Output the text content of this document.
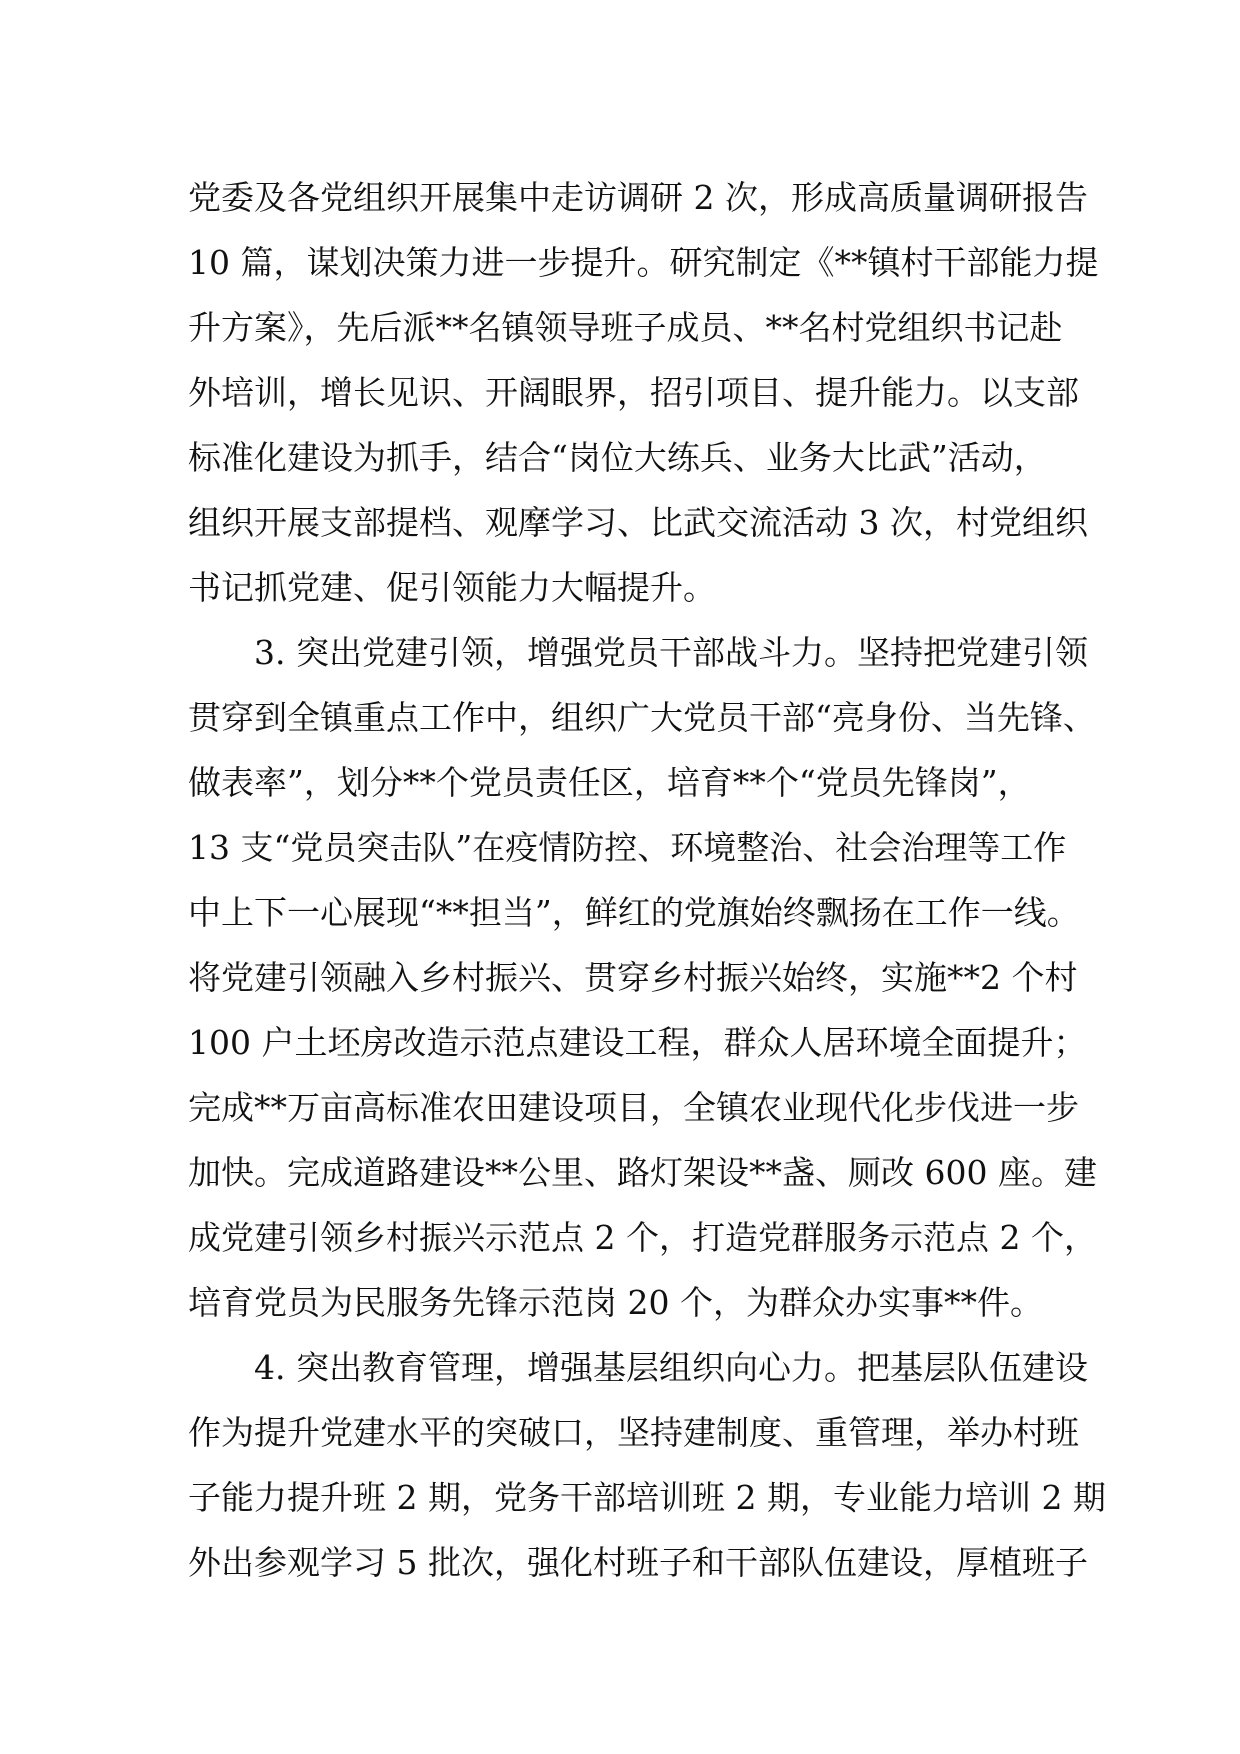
党委及各党组织开展集中走访调研 2 次，形成高质量调研报告
10 篇，谋划决策力进一步提升。研究制定《**镇村干部能力提
升方案》，先后派**名镇领导班子成员、**名村党组织书记赴
外培训，增长见识、开阔眼界，招引项目、提升能力。以支部
标准化建设为抓手，结合“岗位大练兵、业务大比武”活动，
组织开展支部提档、观摩学习、比武交流活动 3 次，村党组织
书记抓党建、促引领能力大幅提升。
3. 突出党建引领，增强党员干部战斗力。坚持把党建引领
贯穿到全镇重点工作中，组织广大党员干部“亮身份、当先锋、
做表率”，划分**个党员责任区，培育**个“党员先锋岗”，
13 支“党员突击队”在疫情防控、环境整治、社会治理等工作
中上下一心展现“**担当”，鲜红的党旗始终飘扬在工作一线。
将党建引领融入乡村振兴、贯穿乡村振兴始终，实施**2 个村
100 户土坯房改造示范点建设工程，群众人居环境全面提升；
完成**万亩高标准农田建设项目，全镇农业现代化步伐进一步
加快。完成道路建设**公里、路灯架设**盏、厕改 600 座。建
成党建引领乡村振兴示范点 2 个，打造党群服务示范点 2 个，
培育党员为民服务先锋示范岗 20 个，为群众办实事**件。
4. 突出教育管理，增强基层组织向心力。把基层队伍建设
作为提升党建水平的突破口，坚持建制度、重管理，举办村班
子能力提升班 2 期，党务干部培训班 2 期，专业能力培训 2 期
外出参观学习 5 批次，强化村班子和干部队伍建设，厚植班子
